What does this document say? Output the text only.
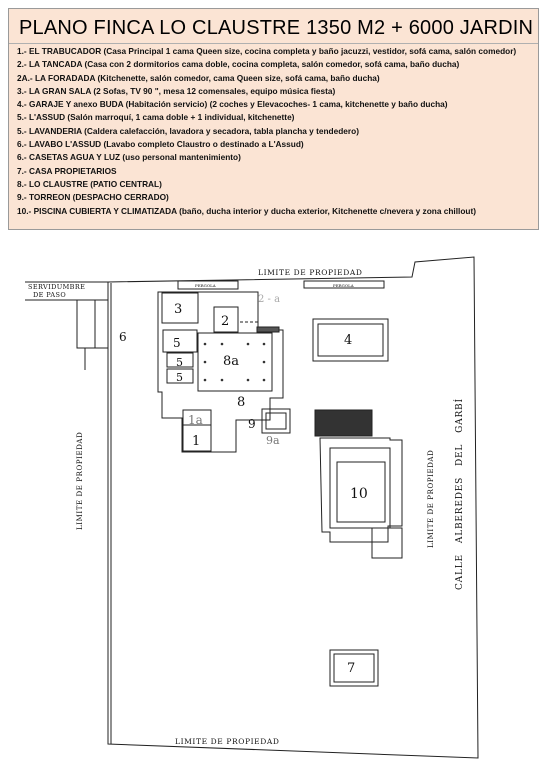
PLANO FINCA LO CLAUSTRE 1350 M2 + 6000 JARDIN
1.- EL TRABUCADOR (Casa Principal 1 cama Queen size, cocina completa y baño jacuzzi, vestidor, sofá cama, salón comedor)
2.- LA TANCADA (Casa con 2 dormitorios cama doble, cocina completa, salón comedor, sofá cama, baño ducha)
2A.- LA FORADADA (Kitchenette, salón comedor, cama Queen size, sofá cama, baño ducha)
3.- LA GRAN SALA (2 Sofas, TV 90 ", mesa 12 comensales, equipo música fiesta)
4.- GARAJE Y anexo BUDA (Habitación servicio) (2 coches y Elevacoches- 1 cama, kitchenette y baño ducha)
5.- L'ASSUD (Salón marroquí, 1 cama doble + 1 individual, kitchenette)
5.- LAVANDERIA (Caldera calefacción, lavadora y secadora, tabla plancha y tendedero)
6.- LAVABO L'ASSUD (Lavabo completo Claustro o destinado a L'Assud)
6.- CASETAS AGUA Y LUZ (uso personal mantenimiento)
7.- CASA PROPIETARIOS
8.- LO CLAUSTRE (PATIO CENTRAL)
9.- TORREON (DESPACHO CERRADO)
10.- PISCINA CUBIERTA Y CLIMATIZADA (baño, ducha interior y ducha exterior, Kitchenette c/nevera y zona chillout)
LIMITE DE PROPIEDAD
LIMITE DE PROPIEDAD
LIMITE DE PROPIEDAD	LIMITE DE PROPIEDAD CALLE   ALBEREDES   DEL   GARBÍ
SERVIDUMBRE
DE PASO
PERGOLA	PERGOLA
3
2
2 - a
5
5
5
6
8a
8
1a
1
9
9a
4
10
7
